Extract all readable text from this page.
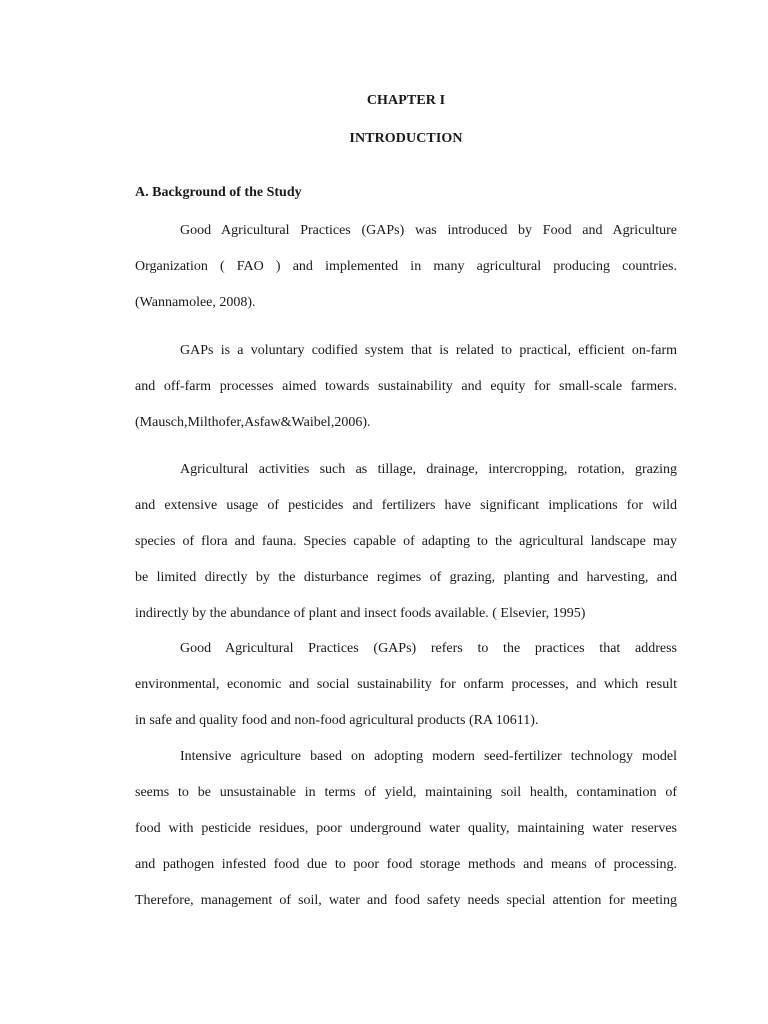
CHAPTER I
INTRODUCTION
A. Background of the Study
Good Agricultural Practices (GAPs) was introduced by Food and Agriculture
Organization ( FAO ) and implemented in many agricultural producing countries.
(Wannamolee, 2008).
GAPs is a voluntary codified system that is related to practical, efficient on-farm
and off-farm processes aimed towards sustainability and equity for small-scale farmers.
(Mausch,Milthofer,Asfaw&Waibel,2006).
Agricultural activities such as tillage, drainage, intercropping, rotation, grazing
and extensive usage of pesticides and fertilizers have significant implications for wild
species of flora and fauna. Species capable of adapting to the agricultural landscape may
be limited directly by the disturbance regimes of grazing, planting and harvesting, and
indirectly by the abundance of plant and insect foods available. ( Elsevier, 1995)
Good Agricultural Practices (GAPs) refers to the practices that address
environmental, economic and social sustainability for onfarm processes, and which result
in safe and quality food and non-food agricultural products (RA 10611).
Intensive agriculture based on adopting modern seed-fertilizer technology model
seems to be unsustainable in terms of yield, maintaining soil health, contamination of
food with pesticide residues, poor underground water quality, maintaining water reserves
and pathogen infested food due to poor food storage methods and means of processing.
Therefore, management of soil, water and food safety needs special attention for meeting
